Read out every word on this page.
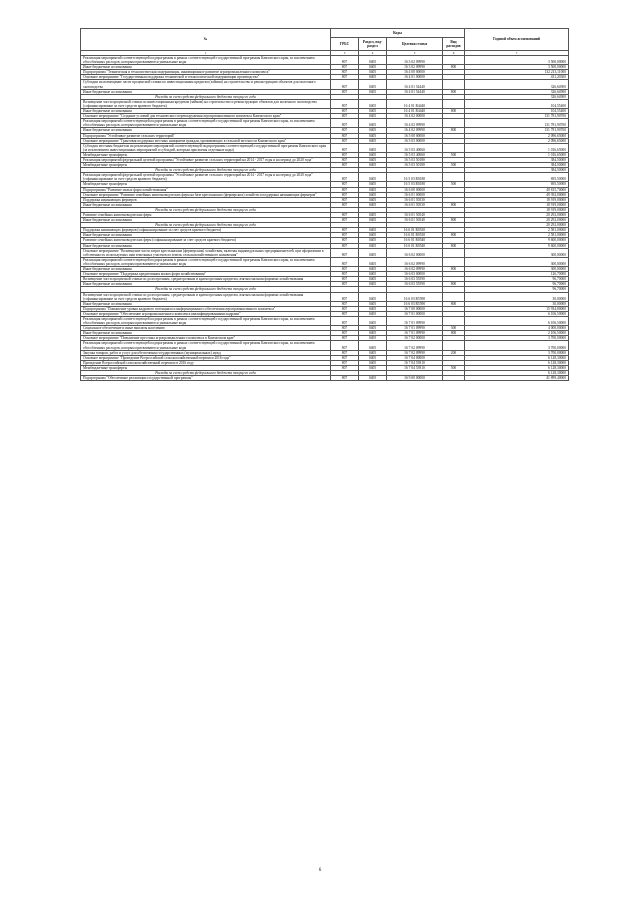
№	Коды				Годовой объем ассигнований
	ГРБС	Раздел, под-раздел	Целевая статья	Вид расходов	
1	3	4	5	6	7
Реализация мероприятий соответствующей подпрограммы в рамках соответствующей государственной программы Камчатского края, за исключением обособленных расходов, которым присваиваются уникальные коды	807	0405	16 3 02 09990		3 500,00000
Иные бюджетные ассигнования	807	0405	16 3 02 09990	800	3 500,00000
Подпрограмма "Техническая и технологическая модернизация, инновационное развитие агропромышленного комплекса"	807	0405	16 4 00 00000		132 213,11000
Основное мероприятие "Государственная поддержка технической и технологической модернизации производства"	807	0405	16 4 01 00000		431,20300
Субсидии на возмещение части процентной ставки по инвестиционным кредитам (займам) на строительство и реконструкцию объектов для молочного скотоводства	807	0405	16 4 01 54440		326,64900
Иные бюджетные ассигнования	807	0405	16 4 01 54440	800	326,64900
Расходы за счет средств федерального бюджета текущего года					326,64900
Возмещение части процентной ставки по инвестиционным кредитам (займам) на строительство и реконструкцию объектов для молочного скотоводства (софинансирование за счет средств краевого бюджета)	807	0405	16 4 01 R4440		104,55400
Иные бюджетные ассигнования	807	0405	16 4 01 R4440	800	104,55400
Основное мероприятие "Создание условий для технического перевооружения агропромышленного комплекса Камчатского края"	807	0405	16 4 02 00000		131 781,90700
Реализация мероприятий соответствующей подпрограммы в рамках соответствующей государственной программы Камчатского края, за исключением обособленных расходов, которым присваиваются уникальные коды	807	0405	16 4 02 09990		131 781,90700
Иные бюджетные ассигнования	807	0405	16 4 02 09990	800	131 781,90700
Подпрограмма "Устойчивое развитие сельских территорий"	807	0405	16 5 00 00000		2 096,65000
Основное мероприятие "Грантовая поддержка местных инициатив граждан, проживающих в сельской местности Камчатского края"	807	0405	16 5 03 00000		2 096,65000
Субсидия местным бюджетам на реализацию мероприятий соответствующей подпрограммы соответствующей государственной программы Камчатского края (за исключением инвестиционных мероприятий и субсидий, которым присвоены отдельные коды)	807	0405	16 5 03 40060		1 016,65000
Межбюджетные трансферты	807	0405	16 5 03 40060	500	1 016,65000
Реализация мероприятий федеральной целевой программы "Устойчивое развитие сельских территорий на 2014 - 2017 годы и на период до 2020 года"	807	0405	16 5 03 50180		384,50000
Межбюджетные трансферты	807	0405	16 5 03 50180	500	384,50000
Расходы за счет средств федерального бюджета текущего года					384,50000
Реализация мероприятий федеральной целевой программы "Устойчивое развитие сельских территорий на 2014 - 2017 годы и на период до 2020 года" (софинансирование за счет средств краевого бюджета)	807	0405	16 5 03 R0180		695,50000
Межбюджетные трансферты	807	0405	16 5 03 R0180	500	695,50000
Подпрограмма "Развитие малых форм хозяйствования"	807	0405	16 6 00 00000		49 815,70000
Основное мероприятие "Развитие семейных животноводческих ферм на базе крестьянских (фермерских) хозяйств и поддержка начинающих фермеров"	807	0405	16 6 01 00000		49 392,00000
Поддержка начинающих фермеров	807	0405	16 6 01 50530		18 919,00000
Иные бюджетные ассигнования	807	0405	16 6 01 50530	800	18 919,00000
Расходы за счет средств федерального бюджета текущего года					18 919,00000
Развитие семейных животноводческих ферм	807	0405	16 6 01 50540		20 292,00000
Иные бюджетные ассигнования	807	0405	16 6 01 50540	800	20 292,00000
Расходы за счет средств федерального бюджета текущего года					20 292,00000
Поддержка начинающих фермеров (софинансирование за счет средств краевого бюджета)	807	0405	16 6 01 R0530		2 581,00000
Иные бюджетные ассигнования	807	0405	16 6 01 R0530	800	2 581,00000
Развитие семейных животноводческих ферм (софинансирование за счет средств краевого бюджета)	807	0405	16 6 01 R0540		9 600,00000
Иные бюджетные ассигнования	807	0405	16 6 01 R0540	800	9 600,00000
Основное мероприятие "Возмещение части затрат крестьянским (фермерским) хозяйствам, включая индивидуальных предпринимателей, при оформлении в собственность используемых ими земельных участков из земель сельскохозяйственного назначения"	807	0405	16 6 02 00000		300,00000
Реализация мероприятий соответствующей подпрограммы в рамках соответствующей государственной программы Камчатского края, за исключением обособленных расходов, которым присваиваются уникальные коды	807	0405	16 6 02 09990		300,00000
Иные бюджетные ассигнования	807	0405	16 6 02 09990	800	300,00000
Основное мероприятие "Поддержка кредитования малых форм хозяйствования"	807	0405	16 6 03 00000		126,70000
Возмещение части процентной ставки по долгосрочным, среднесрочным и краткосрочным кредитам, взятым малыми формами хозяйствования	807	0405	16 6 03 55590		96,70000
Иные бюджетные ассигнования	807	0405	16 6 03 55590	800	96,70000
Расходы за счет средств федерального бюджета текущего года					96,70000
Возмещение части процентной ставки по долгосрочным, среднесрочным и краткосрочным кредитам, взятым малыми формами хозяйствования (софинансирование за счет средств краевого бюджета)	807	0405	16 6 03 R5590		30,00000
Иные бюджетные ассигнования	807	0405	16 6 03 R5590	800	30,00000
Подпрограмма "Повышение уровня кадрового потенциала и информационного обеспечения агропромышленного комплекса"	807	0405	16 7 00 00000		15 934,80000
Основное мероприятие "Обеспечение агропромышленного комплекса квалифицированными кадрами"	807	0405	16 7 01 00000		6 106,50000
Реализация мероприятий соответствующей подпрограммы в рамках соответствующей государственной программы Камчатского края, за исключением обособленных расходов, которым присваиваются уникальные коды	807	0405	16 7 01 09990		6 106,50000
Социальное обеспечение и иные выплаты населению	807	0405	16 7 01 09990	300	4 000,00000
Иные бюджетные ассигнования	807	0405	16 7 01 09990	800	2 106,50000
Основное мероприятие "Повышение престижа агропромышленного комплекса в Камчатском крае"	807	0405	16 7 02 00000		3 700,00000
Реализация мероприятий соответствующей подпрограммы в рамках соответствующей государственной программы Камчатского края, за исключением обособленных расходов, которым присваиваются уникальные коды	807	0405	16 7 02 09990		3 700,00000
Закупка товаров, работ и услуг для обеспечения государственных (муниципальных) нужд	807	0405	16 7 02 09990	200	3 700,00000
Основное мероприятие "Проведение Всероссийской сельскохозяйственной переписи 2016 года"	807	0405	16 7 04 00000		6 128,30000
Проведение Всероссийской сельскохозяйственной переписи в 2016 году	807	0405	16 7 04 53910		6 128,30000
Межбюджетные трансферты	807	0405	16 7 04 53910	500	6 128,30000
Расходы за счет средств федерального бюджета текущего года					6 128,30000
Подпрограмма "Обеспечение реализации государственной программы"	807	0405	16 9 00 00000		41 899,40000
6
